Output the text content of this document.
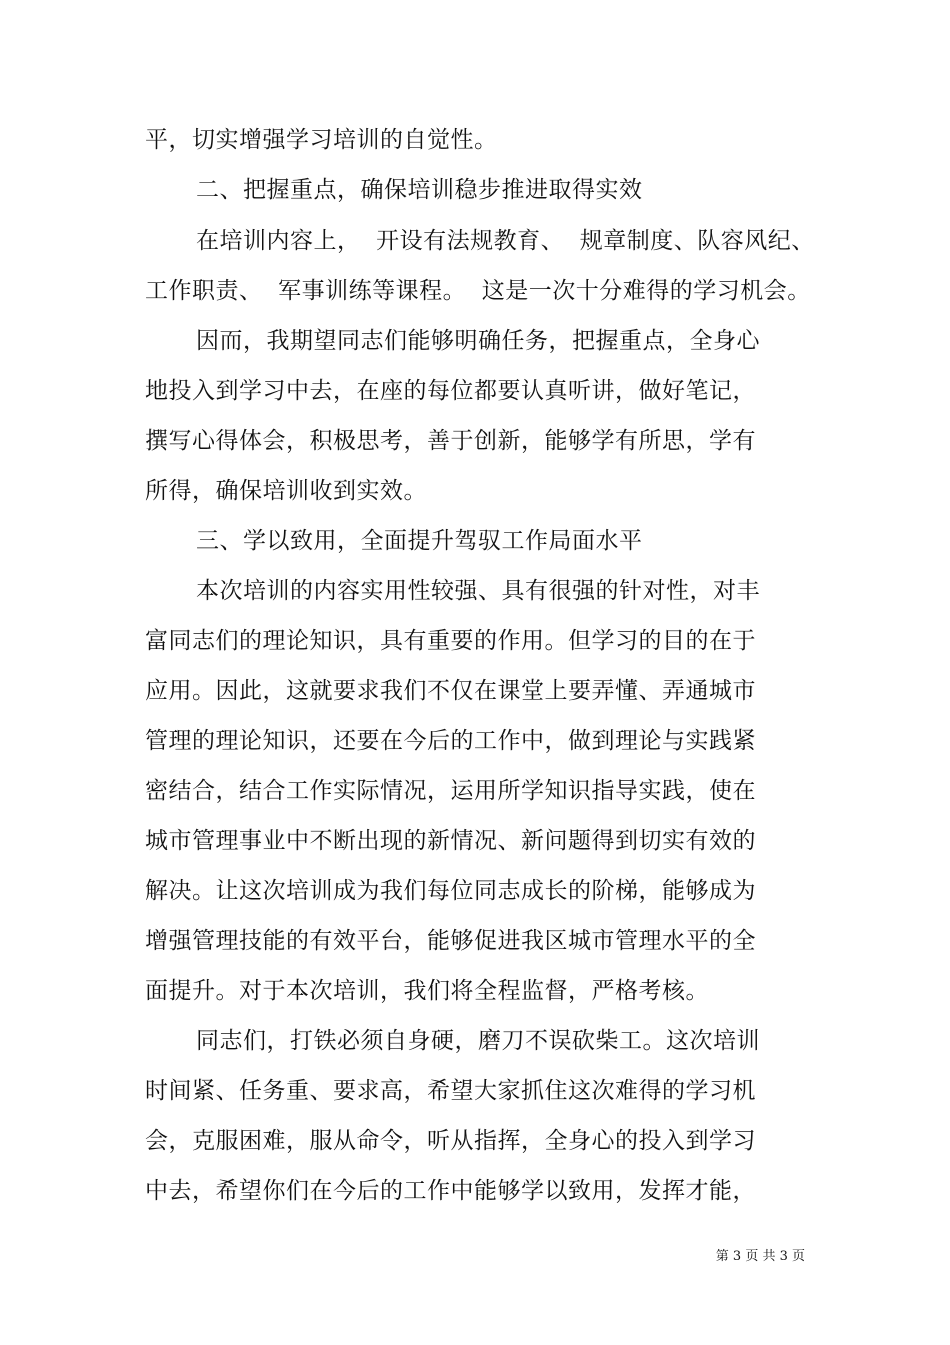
平，切实增强学习培训的自觉性。
二、把握重点，确保培训稳步推进取得实效
在培训内容上，  开设有法规教育、  规章制度、队容风纪、
工作职责、  军事训练等课程。  这是一次十分难得的学习机会。
因而，我期望同志们能够明确任务，把握重点，全身心
地投入到学习中去，在座的每位都要认真听讲，做好笔记，
撰写心得体会，积极思考，善于创新，能够学有所思，学有
所得，确保培训收到实效。
三、学以致用，全面提升驾驭工作局面水平
本次培训的内容实用性较强、具有很强的针对性，对丰
富同志们的理论知识，具有重要的作用。但学习的目的在于
应用。因此，这就要求我们不仅在课堂上要弄懂、弄通城市
管理的理论知识，还要在今后的工作中，做到理论与实践紧
密结合，结合工作实际情况，运用所学知识指导实践，使在
城市管理事业中不断出现的新情况、新问题得到切实有效的
解决。让这次培训成为我们每位同志成长的阶梯，能够成为
增强管理技能的有效平台，能够促进我区城市管理水平的全
面提升。对于本次培训，我们将全程监督，严格考核。
同志们，打铁必须自身硬，磨刀不误砍柴工。这次培训
时间紧、任务重、要求高，希望大家抓住这次难得的学习机
会，克服困难，服从命令，听从指挥，全身心的投入到学习
中去，希望你们在今后的工作中能够学以致用，发挥才能，
第 3 页 共 3 页
